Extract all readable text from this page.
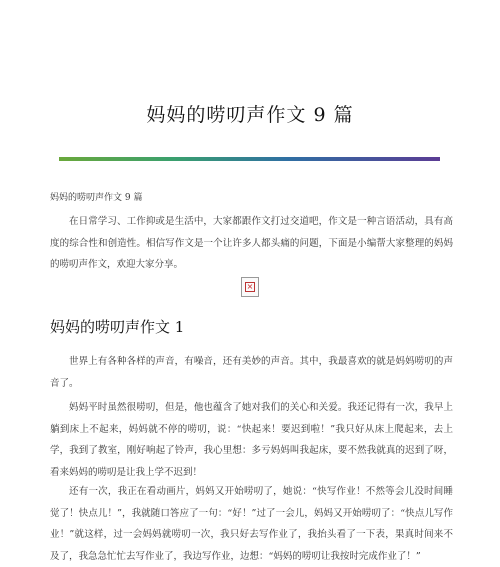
妈妈的唠叨声作文 9 篇
妈妈的唠叨声作文 9 篇
在日常学习、工作抑或是生活中，大家都跟作文打过交道吧，作文是一种言语活动，具有高度的综合性和创造性。相信写作文是一个让许多人都头痛的问题，下面是小编帮大家整理的妈妈的唠叨声作文，欢迎大家分享。
×
妈妈的唠叨声作文 1
世界上有各种各样的声音，有噪音，还有美妙的声音。其中，我最喜欢的就是妈妈唠叨的声音了。
妈妈平时虽然很唠叨，但是，他也蕴含了她对我们的关心和关爱。我还记得有一次，我早上躺到床上不起来，妈妈就不停的唠叨，说：“快起来！要迟到啦！”我只好从床上爬起来，去上学，我到了教室，刚好响起了铃声，我心里想：多亏妈妈叫我起床，要不然我就真的迟到了呀，看来妈妈的唠叨是让我上学不迟到！
还有一次，我正在看动画片，妈妈又开始唠叨了，她说：“快写作业！不然等会儿没时间睡觉了！快点儿！”，我就随口答应了一句：“好！”过了一会儿，妈妈又开始唠叨了：“快点儿写作业！”就这样，过一会妈妈就唠叨一次，我只好去写作业了，我抬头看了一下表，果真时间来不及了，我急急忙忙去写作业了，我边写作业，边想：“妈妈的唠叨让我按时完成作业了！”
